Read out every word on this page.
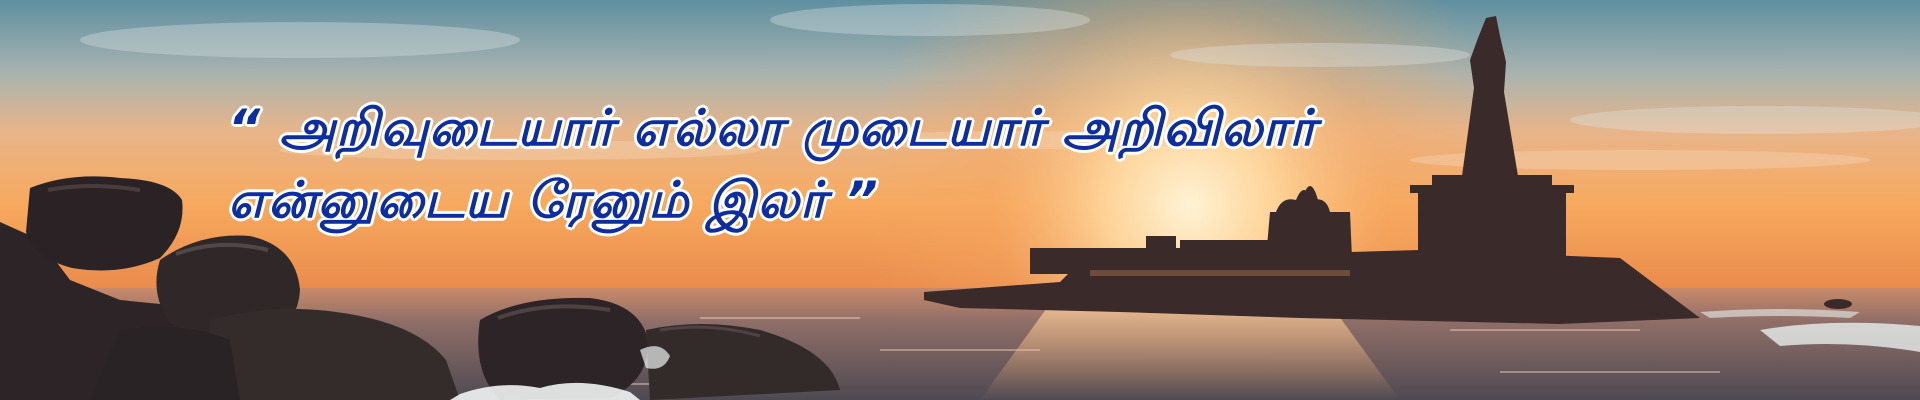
“ அறிவுடையார் எல்லா முடையார் அறிவிலார்
என்னுடைய ரேனும் இலர் ”
